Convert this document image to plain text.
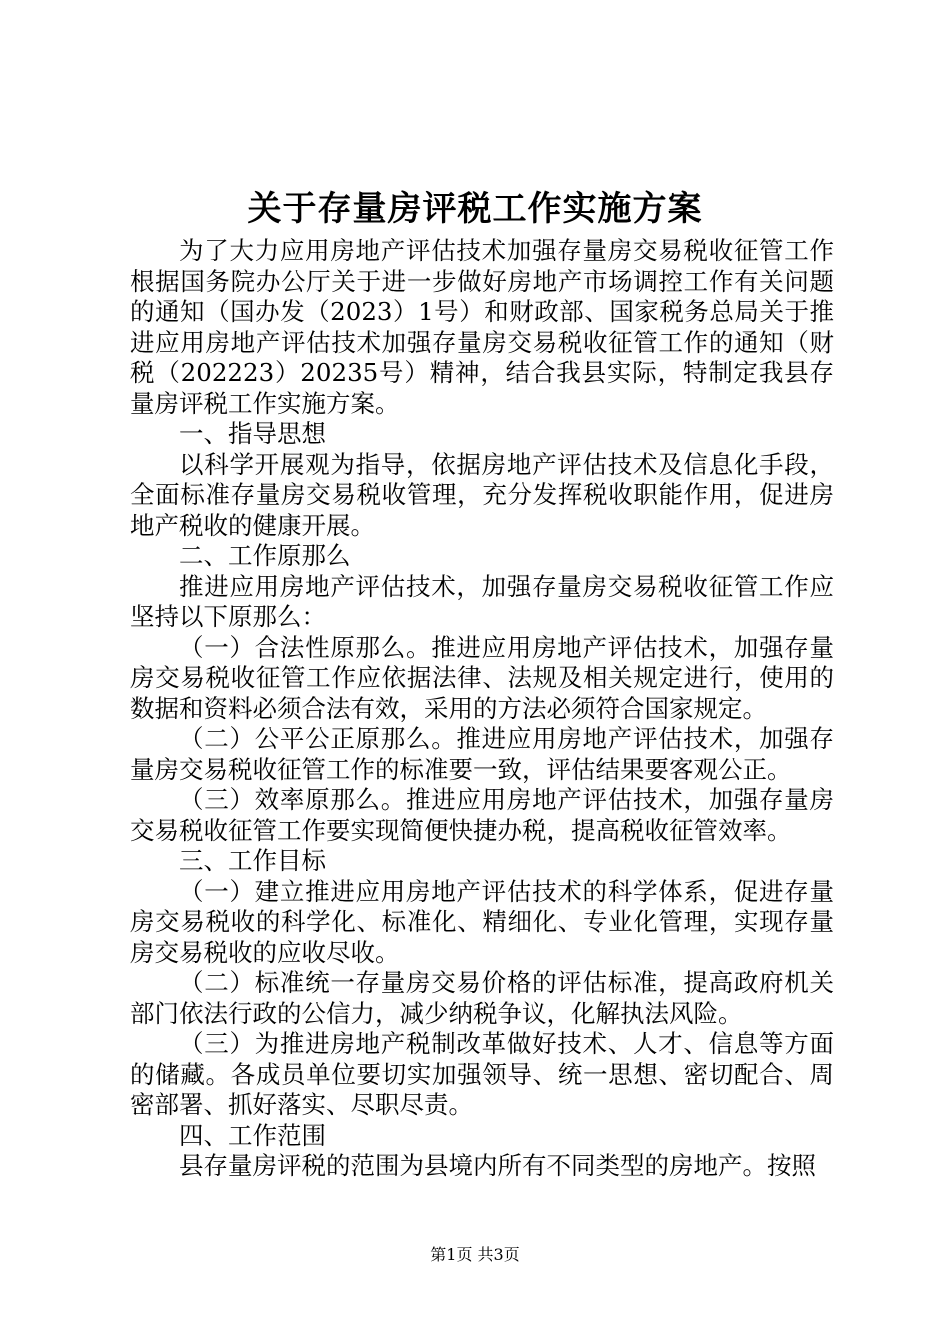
关于存量房评税工作实施方案

为了大力应用房地产评估技术加强存量房交易税收征管工作根据国务院办公厅关于进一步做好房地产市场调控工作有关问题的通知（国办发（2023）1号）和财政部、国家税务总局关于推进应用房地产评估技术加强存量房交易税收征管工作的通知（财税（202223）20235号）精神，结合我县实际，特制定我县存量房评税工作实施方案。

一、指导思想

以科学开展观为指导，依据房地产评估技术及信息化手段，全面标准存量房交易税收管理，充分发挥税收职能作用，促进房地产税收的健康开展。

二、工作原那么

推进应用房地产评估技术，加强存量房交易税收征管工作应坚持以下原那么：

（一）合法性原那么。推进应用房地产评估技术，加强存量房交易税收征管工作应依据法律、法规及相关规定进行，使用的数据和资料必须合法有效，采用的方法必须符合国家规定。

（二）公平公正原那么。推进应用房地产评估技术，加强存量房交易税收征管工作的标准要一致，评估结果要客观公正。

（三）效率原那么。推进应用房地产评估技术，加强存量房交易税收征管工作要实现简便快捷办税，提高税收征管效率。

三、工作目标

（一）建立推进应用房地产评估技术的科学体系，促进存量房交易税收的科学化、标准化、精细化、专业化管理，实现存量房交易税收的应收尽收。

（二）标准统一存量房交易价格的评估标准，提高政府机关部门依法行政的公信力，减少纳税争议，化解执法风险。

（三）为推进房地产税制改革做好技术、人才、信息等方面的储藏。各成员单位要切实加强领导、统一思想、密切配合、周密部署、抓好落实、尽职尽责。

四、工作范围

县存量房评税的范围为县境内所有不同类型的房地产。按照

第1页 共3页
